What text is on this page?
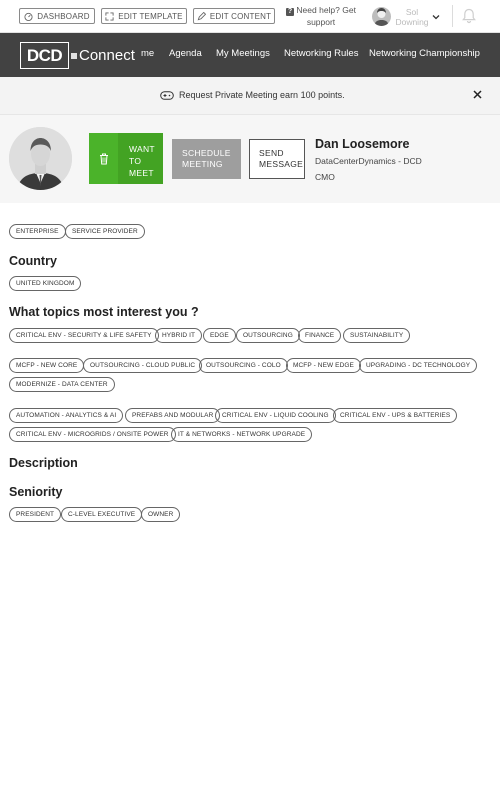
DASHBOARD	EDIT TEMPLATE	EDIT CONTENT	? Need help? Get
support
Sol
Downing
DCD	Connect me Agenda My Meetings Networking Rules Networking Championship
Request Private Meeting earn 100 points.
WANT
TO
MEET
SCHEDULE
MEETING
SEND
MESSAGE
Dan Loosemore
DataCenterDynamics - DCD
CMO
ENTERPRISE	SERVICE PROVIDER
Country
UNITED KINGDOM
What topics most interest you ?
CRITICAL ENV - SECURITY & LIFE SAFETY	HYBRID IT	EDGE	OUTSOURCING	FINANCE	SUSTAINABILITY
MCFP - NEW CORE	OUTSOURCING - CLOUD PUBLIC	OUTSOURCING - COLO	MCFP - NEW EDGE	UPGRADING - DC TECHNOLOGY
MODERNIZE - DATA CENTER
AUTOMATION - ANALYTICS & AI	PREFABS AND MODULAR	CRITICAL ENV - LIQUID COOLING	CRITICAL ENV - UPS & BATTERIES
CRITICAL ENV - MICROGRIDS / ONSITE POWER	IT & NETWORKS - NETWORK UPGRADE
Description
Seniority
PRESIDENT	C-LEVEL EXECUTIVE	OWNER
